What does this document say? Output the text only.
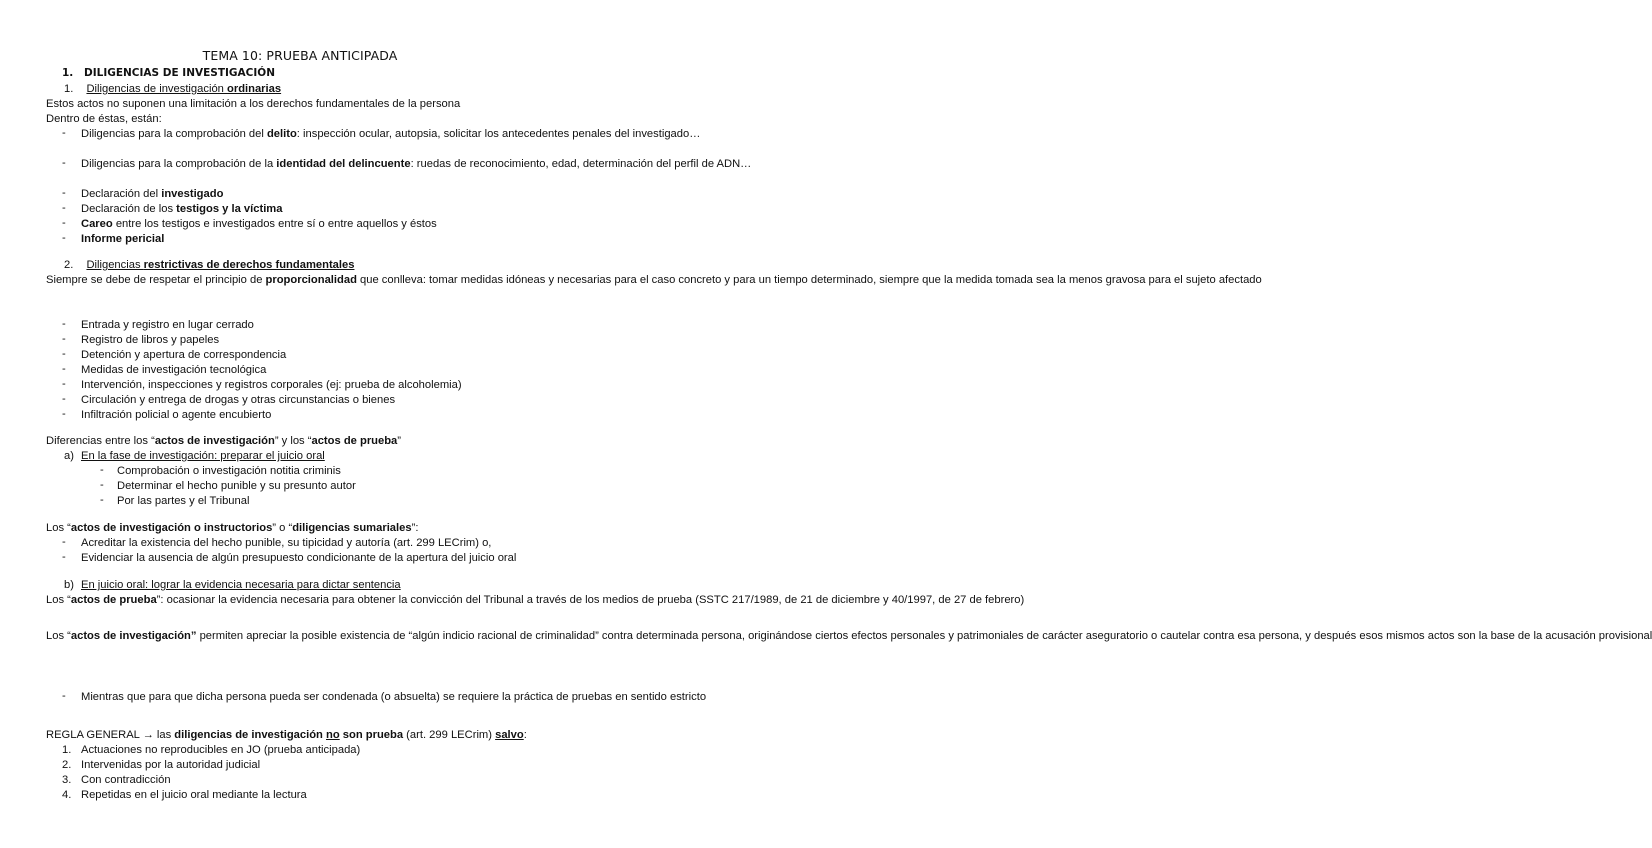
TEMA 10: PRUEBA ANTICIPADA
1. DILIGENCIAS DE INVESTIGACIÓN
1. Diligencias de investigación ordinarias
Estos actos no suponen una limitación a los derechos fundamentales de la persona
Dentro de éstas, están:
- Diligencias para la comprobación del delito: inspección ocular, autopsia, solicitar los antecedentes penales del investigado…
- Diligencias para la comprobación de la identidad del delincuente: ruedas de reconocimiento, edad, determinación del perfil de ADN…
- Declaración del investigado
- Declaración de los testigos y la víctima
- Careo entre los testigos e investigados entre sí o entre aquellos y éstos
- Informe pericial
2. Diligencias restrictivas de derechos fundamentales
Siempre se debe de respetar el principio de proporcionalidad que conlleva: tomar medidas idóneas y necesarias para el caso concreto y para un tiempo determinado, siempre que la medida tomada sea la menos gravosa para el sujeto afectado
- Entrada y registro en lugar cerrado
- Registro de libros y papeles
- Detención y apertura de correspondencia
- Medidas de investigación tecnológica
- Intervención, inspecciones y registros corporales (ej: prueba de alcoholemia)
- Circulación y entrega de drogas y otras circunstancias o bienes
- Infiltración policial o agente encubierto
Diferencias entre los “actos de investigación” y los “actos de prueba”
a) En la fase de investigación: preparar el juicio oral
- Comprobación o investigación notitia criminis
- Determinar el hecho punible y su presunto autor
- Por las partes y el Tribunal
Los “actos de investigación o instructorios” o “diligencias sumariales”:
- Acreditar la existencia del hecho punible, su tipicidad y autoría (art. 299 LECrim) o,
- Evidenciar la ausencia de algún presupuesto condicionante de la apertura del juicio oral
b) En juicio oral: lograr la evidencia necesaria para dictar sentencia
Los “actos de prueba”: ocasionar la evidencia necesaria para obtener la convicción del Tribunal a través de los medios de prueba (SSTC 217/1989, de 21 de diciembre y 40/1997, de 27 de febrero)
Los “actos de investigación” permiten apreciar la posible existencia de “algún indicio racional de criminalidad” contra determinada persona, originándose ciertos efectos personales y patrimoniales de carácter aseguratorio o cautelar contra esa persona, y después esos mismos actos son la base de la acusación provisional
- Mientras que para que dicha persona pueda ser condenada (o absuelta) se requiere la práctica de pruebas en sentido estricto
REGLA GENERAL → las diligencias de investigación no son prueba (art. 299 LECrim) salvo:
1. Actuaciones no reproducibles en JO (prueba anticipada)
2. Intervenidas por la autoridad judicial
3. Con contradicción
4. Repetidas en el juicio oral mediante la lectura
